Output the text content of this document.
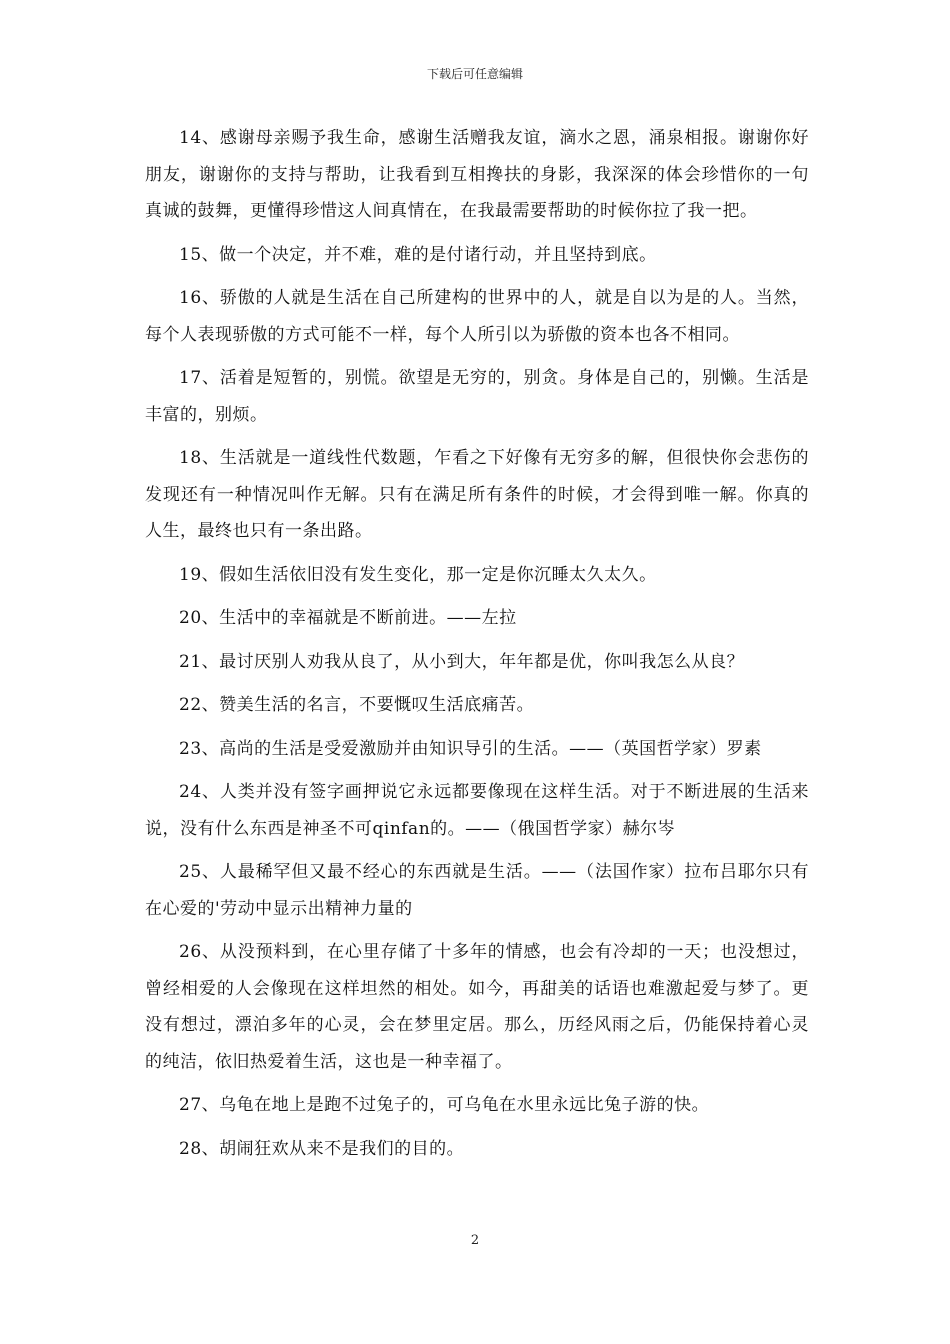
下载后可任意编辑

14、感谢母亲赐予我生命，感谢生活赠我友谊，滴水之恩，涌泉相报。谢谢你好朋友，谢谢你的支持与帮助，让我看到互相搀扶的身影，我深深的体会珍惜你的一句真诚的鼓舞，更懂得珍惜这人间真情在，在我最需要帮助的时候你拉了我一把。

15、做一个决定，并不难，难的是付诸行动，并且坚持到底。

16、骄傲的人就是生活在自己所建构的世界中的人，就是自以为是的人。当然，每个人表现骄傲的方式可能不一样，每个人所引以为骄傲的资本也各不相同。

17、活着是短暂的，别慌。欲望是无穷的，别贪。身体是自己的，别懒。生活是丰富的，别烦。

18、生活就是一道线性代数题，乍看之下好像有无穷多的解，但很快你会悲伤的发现还有一种情况叫作无解。只有在满足所有条件的时候，才会得到唯一解。你真的人生，最终也只有一条出路。

19、假如生活依旧没有发生变化，那一定是你沉睡太久太久。

20、生活中的幸福就是不断前进。——左拉

21、最讨厌别人劝我从良了，从小到大，年年都是优，你叫我怎么从良？

22、赞美生活的名言，不要慨叹生活底痛苦。

23、高尚的生活是受爱激励并由知识导引的生活。——（英国哲学家）罗素

24、人类并没有签字画押说它永远都要像现在这样生活。对于不断进展的生活来说，没有什么东西是神圣不可qinfan的。——（俄国哲学家）赫尔岑

25、人最稀罕但又最不经心的东西就是生活。——（法国作家）拉布吕耶尔只有在心爱的'劳动中显示出精神力量的

26、从没预料到，在心里存储了十多年的情感，也会有冷却的一天；也没想过，曾经相爱的人会像现在这样坦然的相处。如今，再甜美的话语也难激起爱与梦了。更没有想过，漂泊多年的心灵，会在梦里定居。那么，历经风雨之后，仍能保持着心灵的纯洁，依旧热爱着生活，这也是一种幸福了。

27、乌龟在地上是跑不过兔子的，可乌龟在水里永远比兔子游的快。

28、胡闹狂欢从来不是我们的目的。

2
